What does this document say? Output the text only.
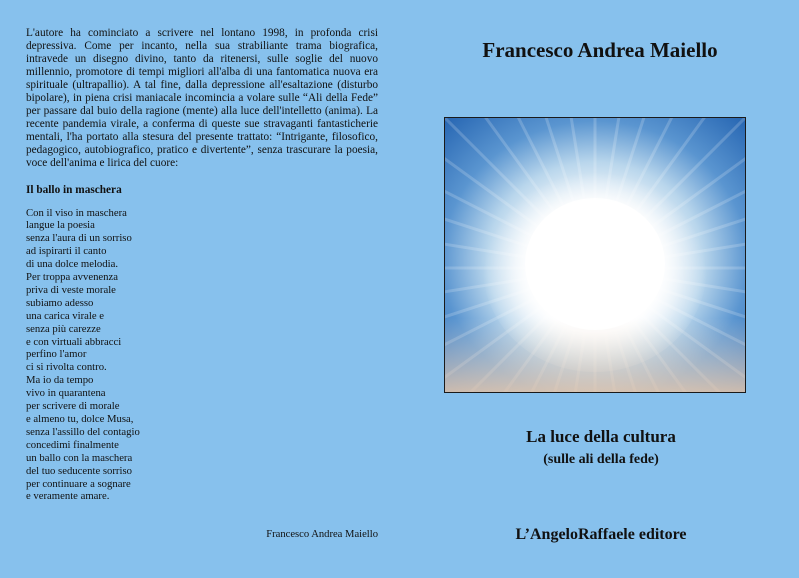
L'autore ha cominciato a scrivere nel lontano 1998, in profonda crisi depressiva. Come per incanto, nella sua strabiliante trama biografica, intravede un disegno divino, tanto da ritenersi, sulle soglie del nuovo millennio, promotore di tempi migliori all'alba di una fantomatica nuova era spirituale (ultrapallio). A tal fine, dalla depressione all'esaltazione (disturbo bipolare), in piena crisi maniacale incomincia a volare sulle “Ali della Fede” per passare dal buio della ragione (mente) alla luce dell'intelletto (anima). La recente pandemia virale, a conferma di queste sue stravaganti fantasticherie mentali, l'ha portato alla stesura del presente trattato: “Intrigante, filosofico, pedagogico, autobiografico, pratico e divertente”, senza trascurare la poesia, voce dell'anima e lirica del cuore:

Il ballo in maschera

Con il viso in maschera
langue la poesia
senza l'aura di un sorriso
ad ispirarti il canto
di una dolce melodia.
Per troppa avvenenza
priva di veste morale
subiamo adesso
una carica virale e
senza più carezze
e con virtuali abbracci
perfino l'amor
ci si rivolta contro.
Ma io da tempo
vivo in quarantena
per scrivere di morale
e almeno tu, dolce Musa,
senza l'assillo del contagio
concedimi finalmente
un ballo con la maschera
del tuo seducente sorriso
per continuare a sognare
e veramente amare.
Francesco Andrea Maiello
Francesco Andrea Maiello
La luce della cultura
(sulle ali della fede)
L’AngeloRaffaele editore
